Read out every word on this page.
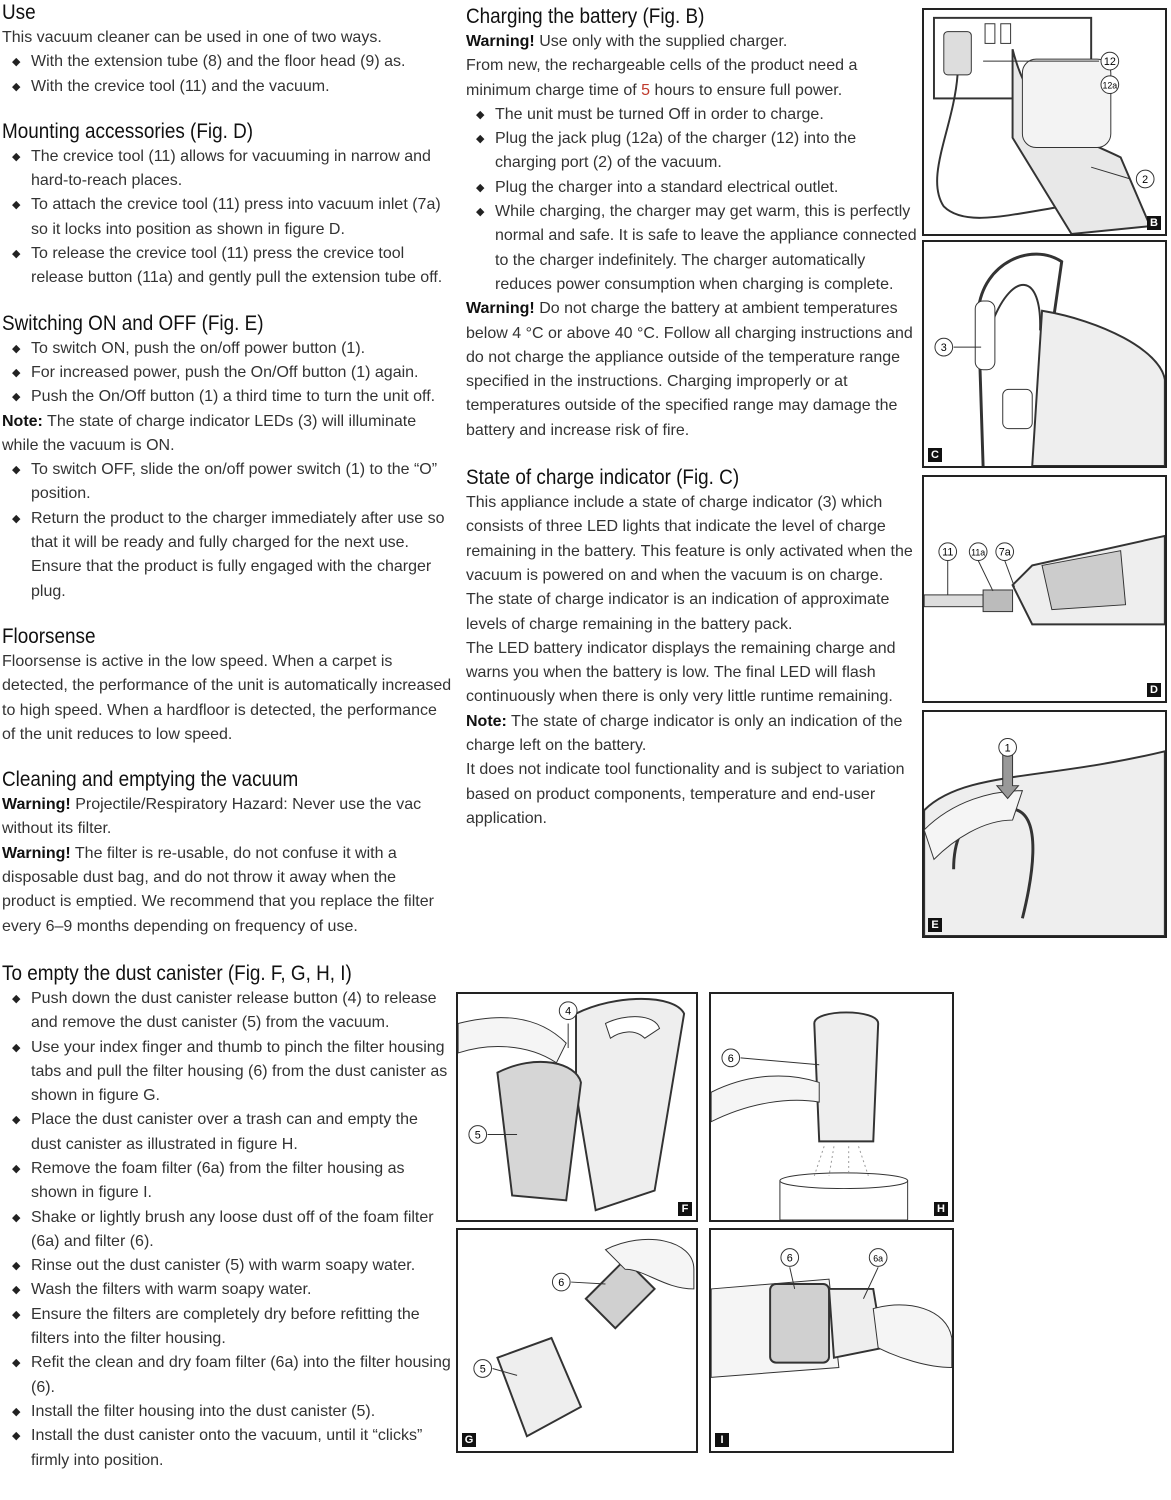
Use

This vacuum cleaner can be used in one of two ways.

◆ With the extension tube (8) and the floor head (9) as.
◆ With the crevice tool (11) and the vacuum.
Mounting accessories (Fig. D)
◆ The crevice tool (11) allows for vacuuming in narrow and hard-to-reach places.
◆ To attach the crevice tool (11) press into vacuum inlet (7a) so it locks into position as shown in figure D.
◆ To release the crevice tool (11) press the crevice tool release button (11a) and gently pull the extension tube off.
Switching ON and OFF (Fig. E)
◆ To switch ON, push the on/off power button (1).
◆ For increased power, push the On/Off button (1) again.
◆ Push the On/Off button (1) a third time to turn the unit off.

Note: The state of charge indicator LEDs (3) will illuminate while the vacuum is ON.

◆ To switch OFF, slide the on/off power switch (1) to the “O” position.
◆ Return the product to the charger immediately after use so that it will be ready and fully charged for the next use. Ensure that the product is fully engaged with the charger plug.
Floorsense

Floorsense is active in the low speed. When a carpet is detected, the performance of the unit is automatically increased to high speed. When a hardfloor is detected, the performance of the unit reduces to low speed.

Cleaning and emptying the vacuum

Warning! Projectile/Respiratory Hazard: Never use the vac without its filter.

Warning! The filter is re-usable, do not confuse it with a disposable dust bag, and do not throw it away when the product is emptied. We recommend that you replace the filter every 6–9 months depending on frequency of use.

To empty the dust canister (Fig. F, G, H, I)
◆ Push down the dust canister release button (4) to release and remove the dust canister (5) from the vacuum.
◆ Use your index finger and thumb to pinch the filter housing tabs and pull the filter housing (6) from the dust canister as shown in figure G.
◆ Place the dust canister over a trash can and empty the dust canister as illustrated in figure H.
◆ Remove the foam filter (6a) from the filter housing as shown in figure I.
◆ Shake or lightly brush any loose dust off of the foam filter (6a) and filter (6).
◆ Rinse out the dust canister (5) with warm soapy water.
◆ Wash the filters with warm soapy water.
◆ Ensure the filters are completely dry before refitting the filters into the filter housing.
◆ Refit the clean and dry foam filter (6a) into the filter housing (6).
◆ Install the filter housing into the dust canister (5).
◆ Install the dust canister onto the vacuum, until it “clicks” firmly into position.
Charging the battery (Fig. B)

Warning! Use only with the supplied charger.

From new, the rechargeable cells of the product need a minimum charge time of 5 hours to ensure full power.

◆ The unit must be turned Off in order to charge.
◆ Plug the jack plug (12a) of the charger (12) into the charging port (2) of the vacuum.
◆ Plug the charger into a standard electrical outlet.
◆ While charging, the charger may get warm, this is perfectly normal and safe. It is safe to leave the appliance connected to the charger indefinitely. The charger automatically reduces power consumption when charging is complete.

Warning! Do not charge the battery at ambient temperatures below 4 °C or above 40 °C. Follow all charging instructions and do not charge the appliance outside of the temperature range specified in the instructions. Charging improperly or at temperatures outside of the specified range may damage the battery and increase risk of fire.

State of charge indicator (Fig. C)

This appliance include a state of charge indicator (3) which consists of three LED lights that indicate the level of charge remaining in the battery. This feature is only activated when the vacuum is powered on and when the vacuum is on charge.

The state of charge indicator is an indication of approximate levels of charge remaining in the battery pack.

The LED battery indicator displays the remaining charge and warns you when the battery is low. The final LED will flash continuously when there is only very little runtime remaining.

Note: The state of charge indicator is only an indication of the charge left on the battery.

It does not indicate tool functionality and is subject to variation based on product components, temperature and end-user application.

12
12a
2
B
3
C
11 11a 7a
D
1
E
4
5
F
6
H
6
5
G
6	6a
I
